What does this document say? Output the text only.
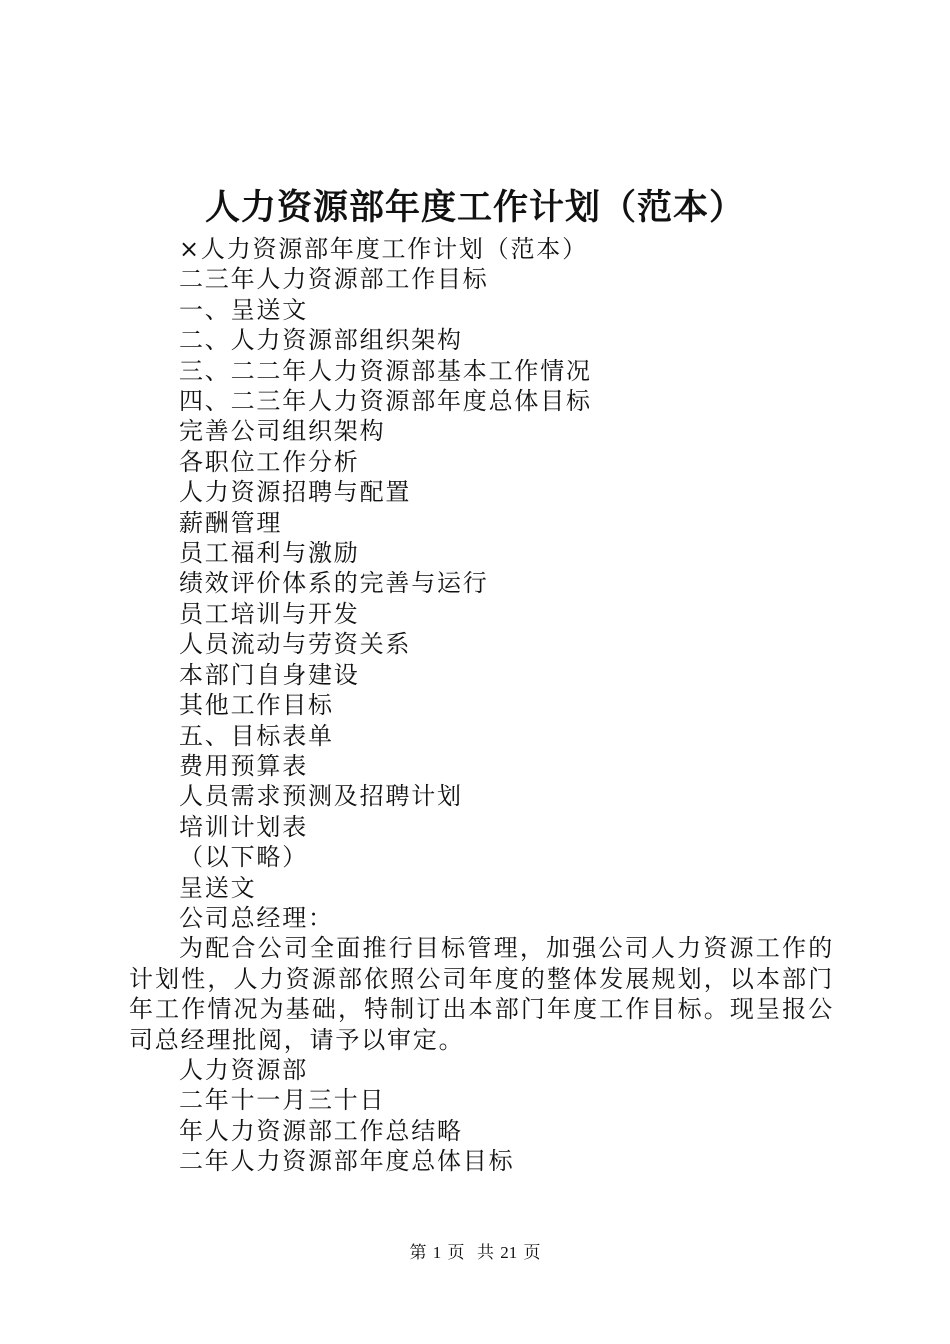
人力资源部年度工作计划（范本）
×人力资源部年度工作计划（范本）
二三年人力资源部工作目标
一、呈送文
二、人力资源部组织架构
三、二二年人力资源部基本工作情况
四、二三年人力资源部年度总体目标
完善公司组织架构
各职位工作分析
人力资源招聘与配置
薪酬管理
员工福利与激励
绩效评价体系的完善与运行
员工培训与开发
人员流动与劳资关系
本部门自身建设
其他工作目标
五、目标表单
费用预算表
人员需求预测及招聘计划
培训计划表
（以下略）
呈送文
公司总经理：
为配合公司全面推行目标管理，加强公司人力资源工作的计划性，人力资源部依照公司年度的整体发展规划，以本部门年工作情况为基础，特制订出本部门年度工作目标。现呈报公司总经理批阅，请予以审定。
人力资源部
二年十一月三十日
年人力资源部工作总结略
二年人力资源部年度总体目标
第 1 页 共 21 页
